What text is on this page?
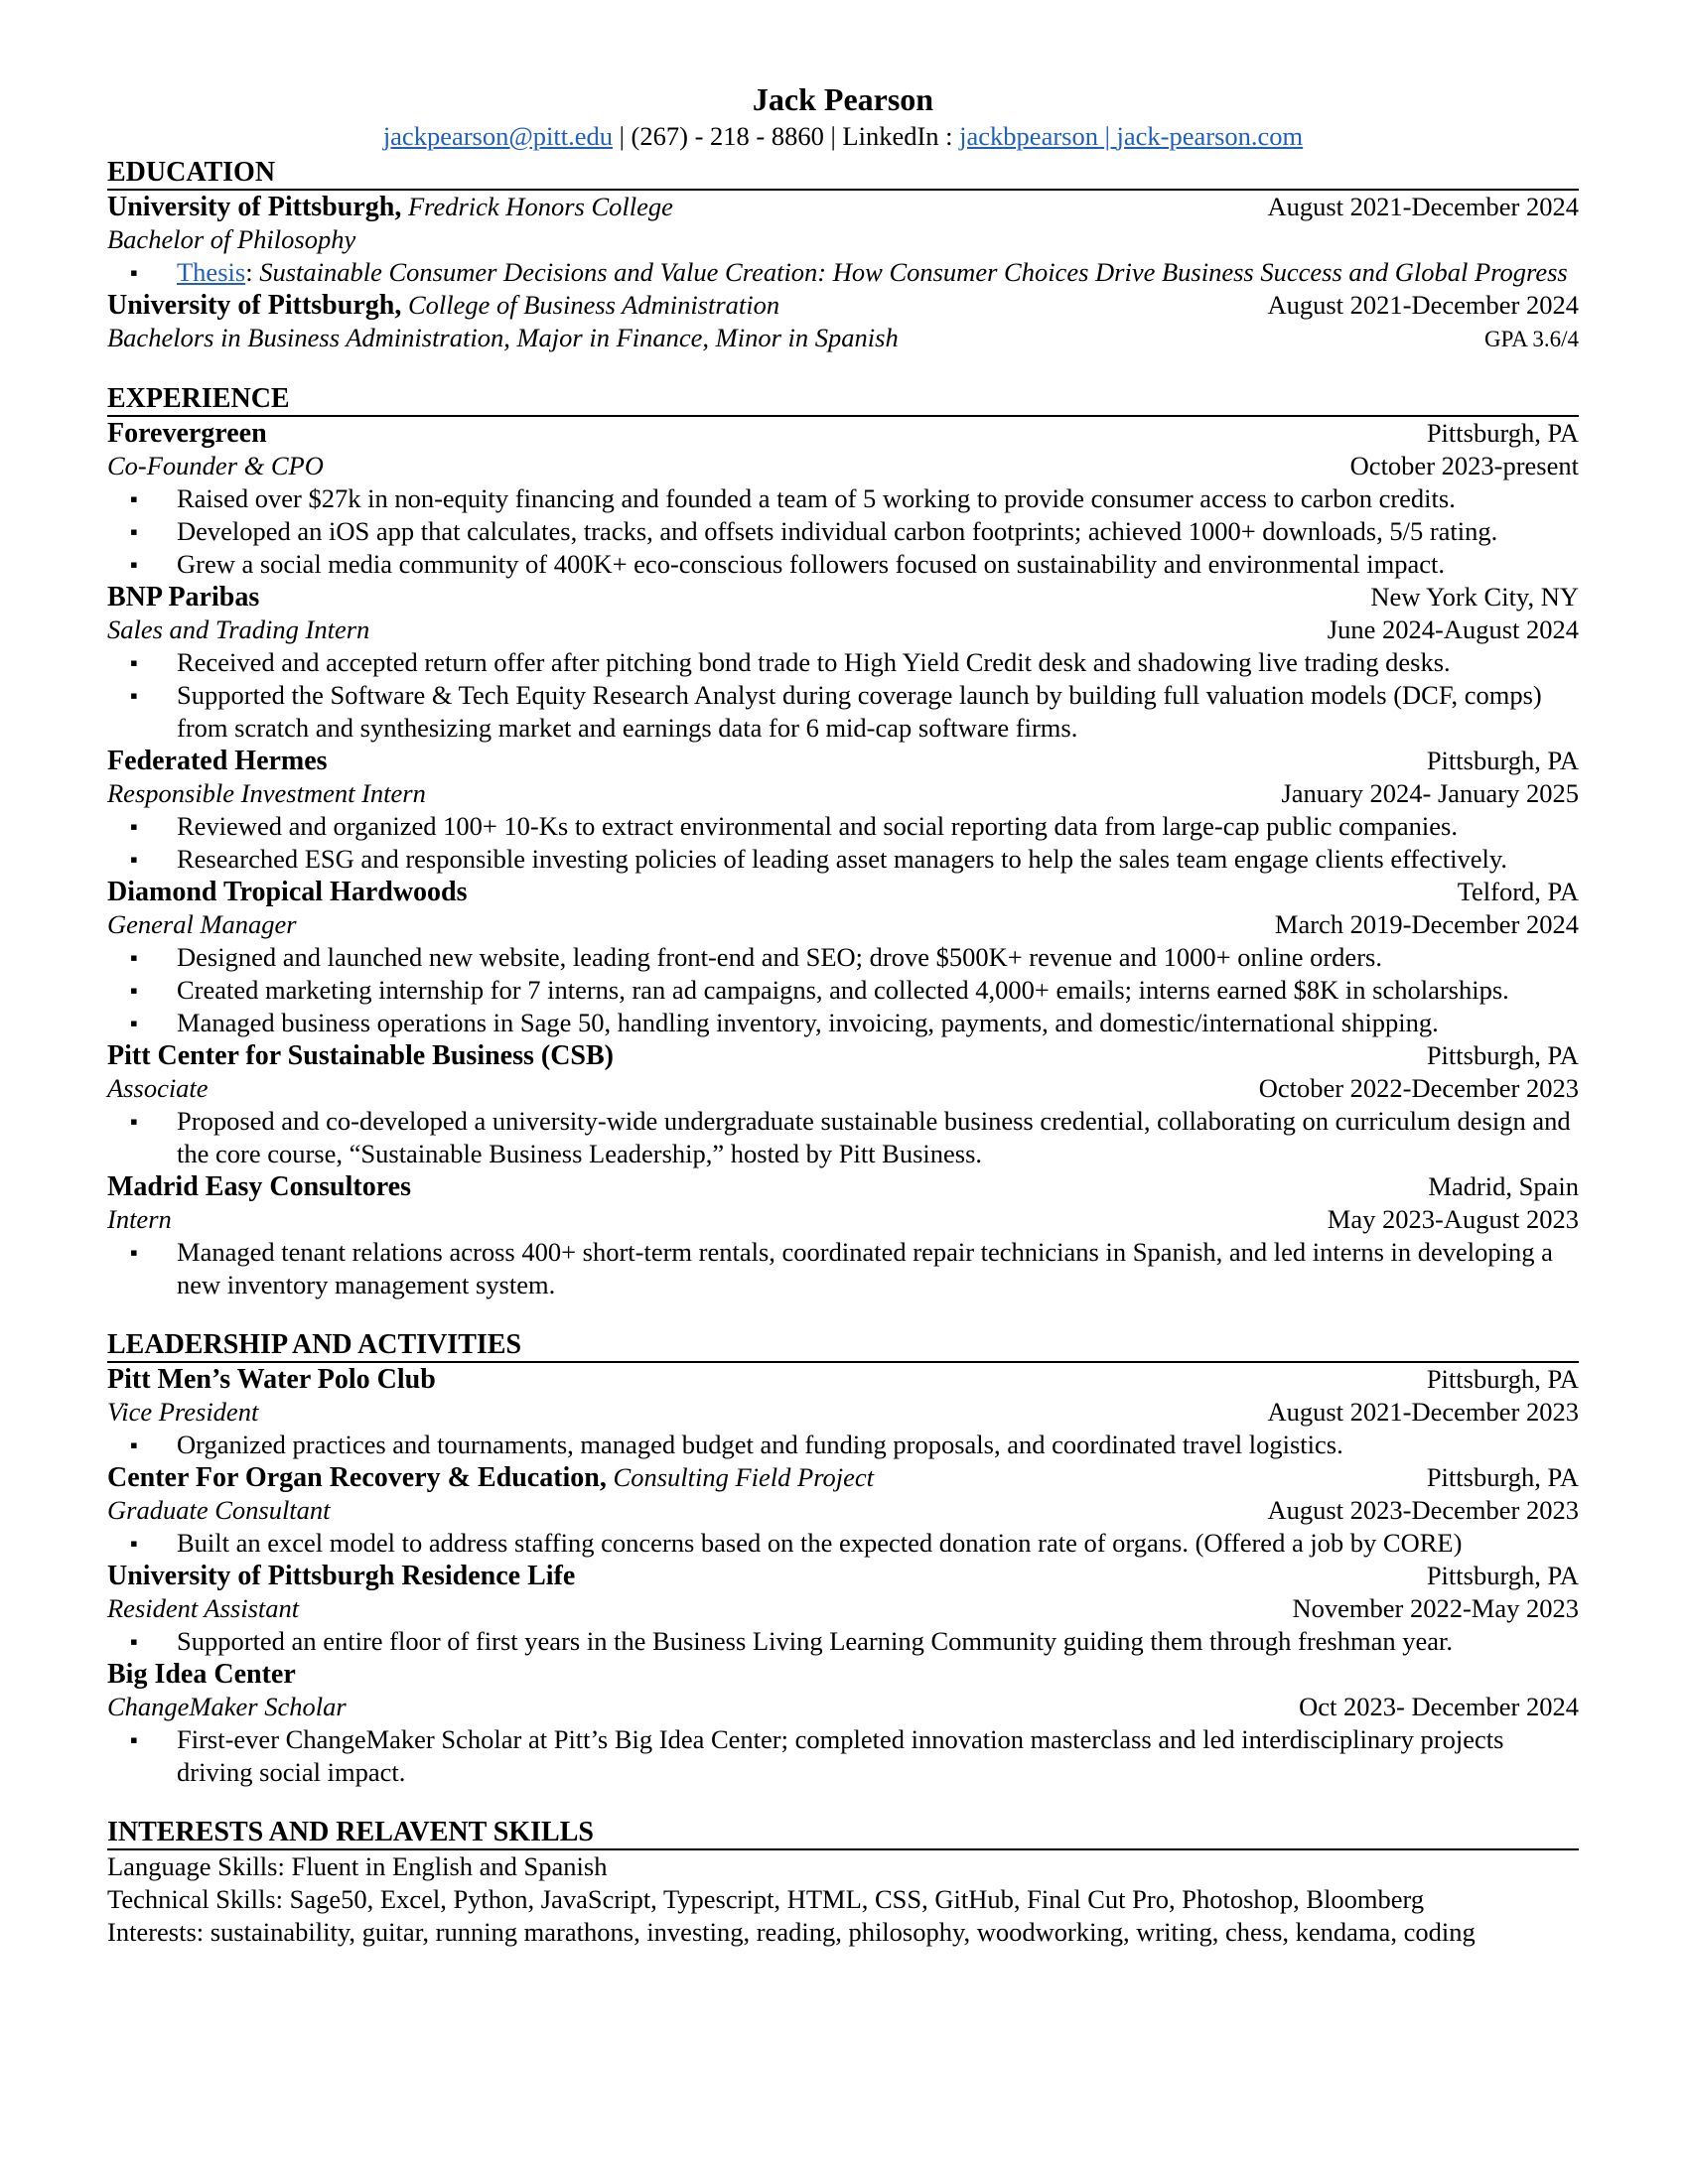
Jack Pearson
jackpearson@pitt.edu | (267) - 218 - 8860 | LinkedIn : jackbpearson | jack-pearson.com
EDUCATION
University of Pittsburgh, Fredrick Honors College	August 2021-December 2024
Bachelor of Philosophy
▪ Thesis: Sustainable Consumer Decisions and Value Creation: How Consumer Choices Drive Business Success and Global Progress
University of Pittsburgh, College of Business Administration	August 2021-December 2024
Bachelors in Business Administration, Major in Finance, Minor in Spanish	GPA 3.6/4
EXPERIENCE
Forevergreen	Pittsburgh, PA
Co-Founder & CPO	October 2023-present
▪ Raised over $27k in non-equity financing and founded a team of 5 working to provide consumer access to carbon credits.
▪ Developed an iOS app that calculates, tracks, and offsets individual carbon footprints; achieved 1000+ downloads, 5/5 rating.
▪ Grew a social media community of 400K+ eco-conscious followers focused on sustainability and environmental impact.
BNP Paribas	New York City, NY
Sales and Trading Intern	June 2024-August 2024
▪ Received and accepted return offer after pitching bond trade to High Yield Credit desk and shadowing live trading desks.
▪ Supported the Software & Tech Equity Research Analyst during coverage launch by building full valuation models (DCF, comps) from scratch and synthesizing market and earnings data for 6 mid-cap software firms.
Federated Hermes	Pittsburgh, PA
Responsible Investment Intern	January 2024- January 2025
▪ Reviewed and organized 100+ 10-Ks to extract environmental and social reporting data from large-cap public companies.
▪ Researched ESG and responsible investing policies of leading asset managers to help the sales team engage clients effectively.
Diamond Tropical Hardwoods	Telford, PA
General Manager	March 2019-December 2024
▪ Designed and launched new website, leading front-end and SEO; drove $500K+ revenue and 1000+ online orders.
▪ Created marketing internship for 7 interns, ran ad campaigns, and collected 4,000+ emails; interns earned $8K in scholarships.
▪ Managed business operations in Sage 50, handling inventory, invoicing, payments, and domestic/international shipping.
Pitt Center for Sustainable Business (CSB)	Pittsburgh, PA
Associate	October 2022-December 2023
▪ Proposed and co-developed a university-wide undergraduate sustainable business credential, collaborating on curriculum design and the core course, “Sustainable Business Leadership,” hosted by Pitt Business.
Madrid Easy Consultores	Madrid, Spain
Intern	May 2023-August 2023
▪ Managed tenant relations across 400+ short-term rentals, coordinated repair technicians in Spanish, and led interns in developing a new inventory management system.
LEADERSHIP AND ACTIVITIES
Pitt Men’s Water Polo Club	Pittsburgh, PA
Vice President	August 2021-December 2023
▪ Organized practices and tournaments, managed budget and funding proposals, and coordinated travel logistics.
Center For Organ Recovery & Education, Consulting Field Project	Pittsburgh, PA
Graduate Consultant	August 2023-December 2023
▪ Built an excel model to address staffing concerns based on the expected donation rate of organs. (Offered a job by CORE)
University of Pittsburgh Residence Life	Pittsburgh, PA
Resident Assistant	November 2022-May 2023
▪ Supported an entire floor of first years in the Business Living Learning Community guiding them through freshman year.
Big Idea Center
ChangeMaker Scholar	Oct 2023- December 2024
▪ First-ever ChangeMaker Scholar at Pitt’s Big Idea Center; completed innovation masterclass and led interdisciplinary projects driving social impact.
INTERESTS AND RELAVENT SKILLS

Language Skills: Fluent in English and Spanish

Technical Skills: Sage50, Excel, Python, JavaScript, Typescript, HTML, CSS, GitHub, Final Cut Pro, Photoshop, Bloomberg

Interests: sustainability, guitar, running marathons, investing, reading, philosophy, woodworking, writing, chess, kendama, coding
